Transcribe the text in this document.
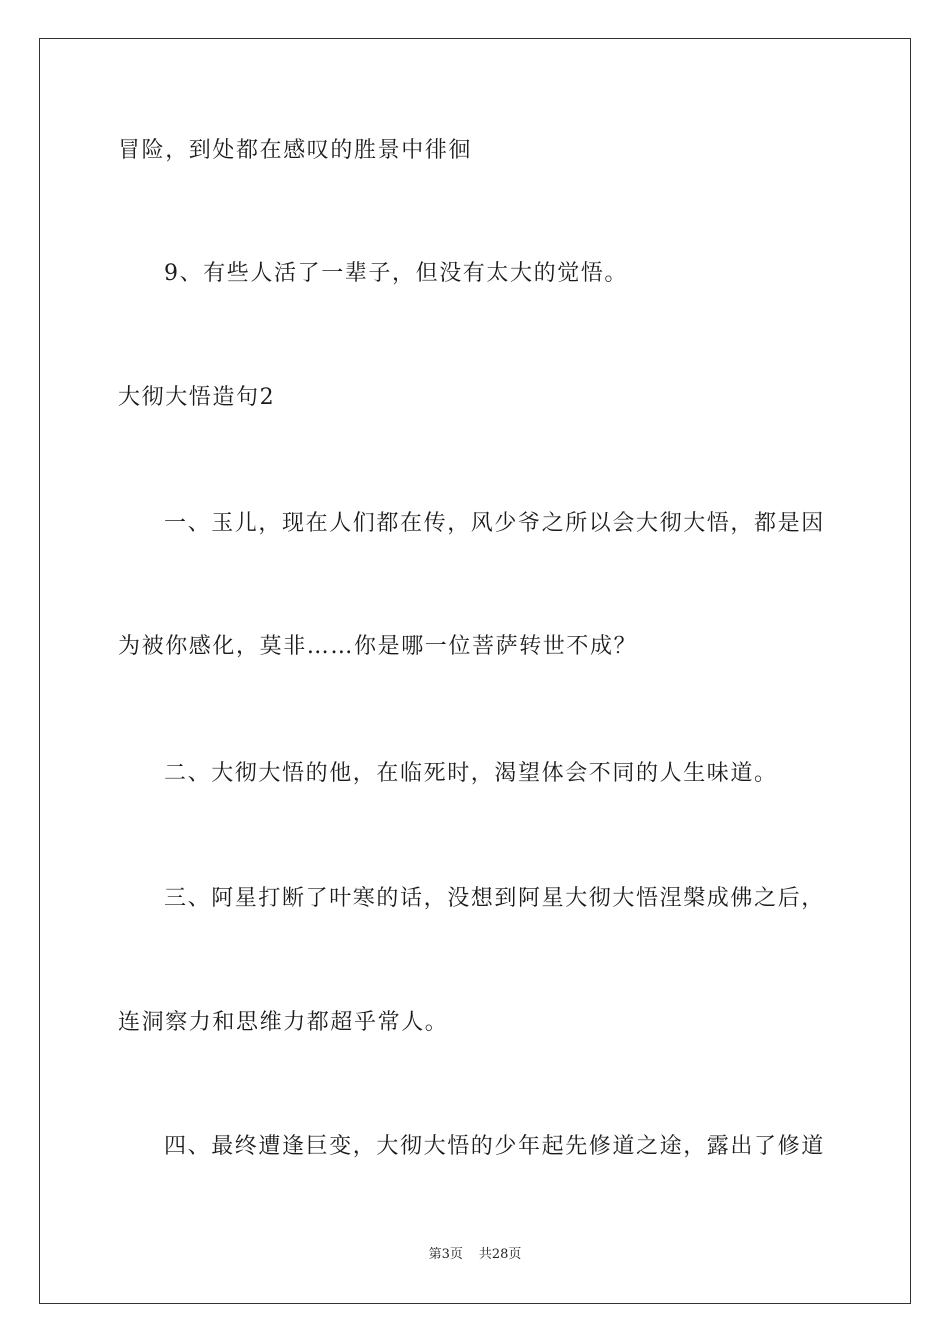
冒险，到处都在感叹的胜景中徘徊
9、有些人活了一辈子，但没有太大的觉悟。
大彻大悟造句2
一、玉儿，现在人们都在传，风少爷之所以会大彻大悟，都是因
为被你感化，莫非……你是哪一位菩萨转世不成？
二、大彻大悟的他，在临死时，渴望体会不同的人生味道。
三、阿星打断了叶寒的话，没想到阿星大彻大悟涅槃成佛之后，
连洞察力和思维力都超乎常人。
四、最终遭逢巨变，大彻大悟的少年起先修道之途，露出了修道
第3页 共28页
